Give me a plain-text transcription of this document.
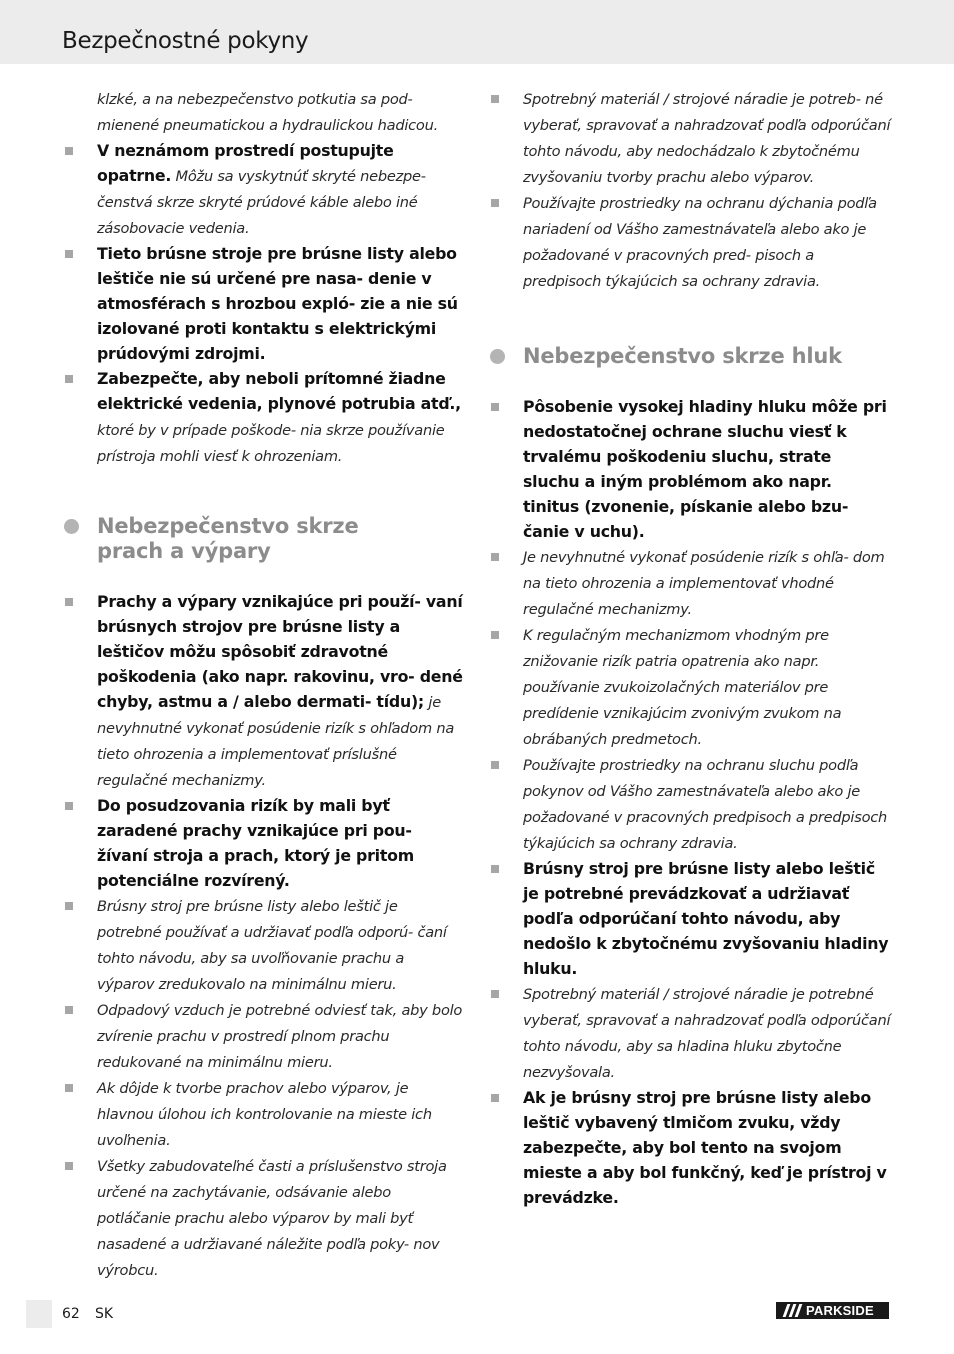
Bezpečnostné pokyny
klzké, a na nebezpečenstvo potkutia sa pod- mienené pneumatickou a hydraulickou hadicou.
V neznámom prostredí postupujte opatrne. Môžu sa vyskytnúť skryté nebezpe- čenstvá skrze skryté prúdové káble alebo iné zásobovacie vedenia.
Tieto brúsne stroje pre brúsne listy alebo leštiče nie sú určené pre nasa- denie v atmosférach s hrozbou expló- zie a nie sú izolované proti kontaktu s elektrickými prúdovými zdrojmi.
Zabezpečte, aby neboli prítomné žiadne elektrické vedenia, plynové potrubia atď., ktoré by v prípade poškode- nia skrze používanie prístroja mohli viesť k ohrozeniam.
Nebezpečenstvo skrze
prach a výpary
Prachy a výpary vznikajúce pri použí- vaní brúsnych strojov pre brúsne listy a leštičov môžu spôsobiť zdravotné poškodenia (ako napr. rakovinu, vro- dené chyby, astmu a / alebo dermati- tídu); je nevyhnutné vykonať posúdenie rizík s ohľadom na tieto ohrozenia a implementovať príslušné regulačné mechanizmy.
Do posudzovania rizík by mali byť zaradené prachy vznikajúce pri pou- žívaní stroja a prach, ktorý je pritom potenciálne rozvírený.
Brúsny stroj pre brúsne listy alebo leštič je potrebné používať a udržiavať podľa odporú- čaní tohto návodu, aby sa uvoľňovanie prachu a výparov zredukovalo na minimálnu mieru.
Odpadový vzduch je potrebné odviesť tak, aby bolo zvírenie prachu v prostredí plnom prachu redukované na minimálnu mieru.
Ak dôjde k tvorbe prachov alebo výparov, je hlavnou úlohou ich kontrolovanie na mieste ich uvoľnenia.
Všetky zabudovateľné časti a príslušenstvo stroja určené na zachytávanie, odsávanie alebo potláčanie prachu alebo výparov by mali byť nasadené a udržiavané náležite podľa poky- nov výrobcu.
Spotrebný materiál / strojové náradie je potreb- né vyberať, spravovať a nahradzovať podľa odporúčaní tohto návodu, aby nedochádzalo k zbytočnému zvyšovaniu tvorby prachu alebo výparov.
Používajte prostriedky na ochranu dýchania podľa nariadení od Vášho zamestnávateľa alebo ako je požadované v pracovných pred- pisoch a predpisoch týkajúcich sa ochrany zdravia.
Nebezpečenstvo skrze hluk
Pôsobenie vysokej hladiny hluku môže pri nedostatočnej ochrane sluchu viesť k trvalému poškodeniu sluchu, strate sluchu a iným problémom ako napr. tinitus (zvonenie, pískanie alebo bzu- čanie v uchu).
Je nevyhnutné vykonať posúdenie rizík s ohľa- dom na tieto ohrozenia a implementovať vhodné regulačné mechanizmy.
K regulačným mechanizmom vhodným pre znižovanie rizík patria opatrenia ako napr. používanie zvukoizolačných materiálov pre predídenie vznikajúcim zvonivým zvukom na obrábaných predmetoch.
Používajte prostriedky na ochranu sluchu podľa pokynov od Vášho zamestnávateľa alebo ako je požadované v pracovných predpisoch a predpisoch týkajúcich sa ochrany zdravia.
Brúsny stroj pre brúsne listy alebo leštič je potrebné prevádzkovať a udržiavať podľa odporúčaní tohto návodu, aby nedošlo k zbytočnému zvyšovaniu hladiny hluku.
Spotrebný materiál / strojové náradie je potrebné vyberať, spravovať a nahradzovať podľa odporúčaní tohto návodu, aby sa hladina hluku zbytočne nezvyšovala.
Ak je brúsny stroj pre brúsne listy alebo leštič vybavený tlmičom zvuku, vždy zabezpečte, aby bol tento na svojom mieste a aby bol funkčný, keď je prístroj v prevádzke.
62 SK	PARKSIDE
